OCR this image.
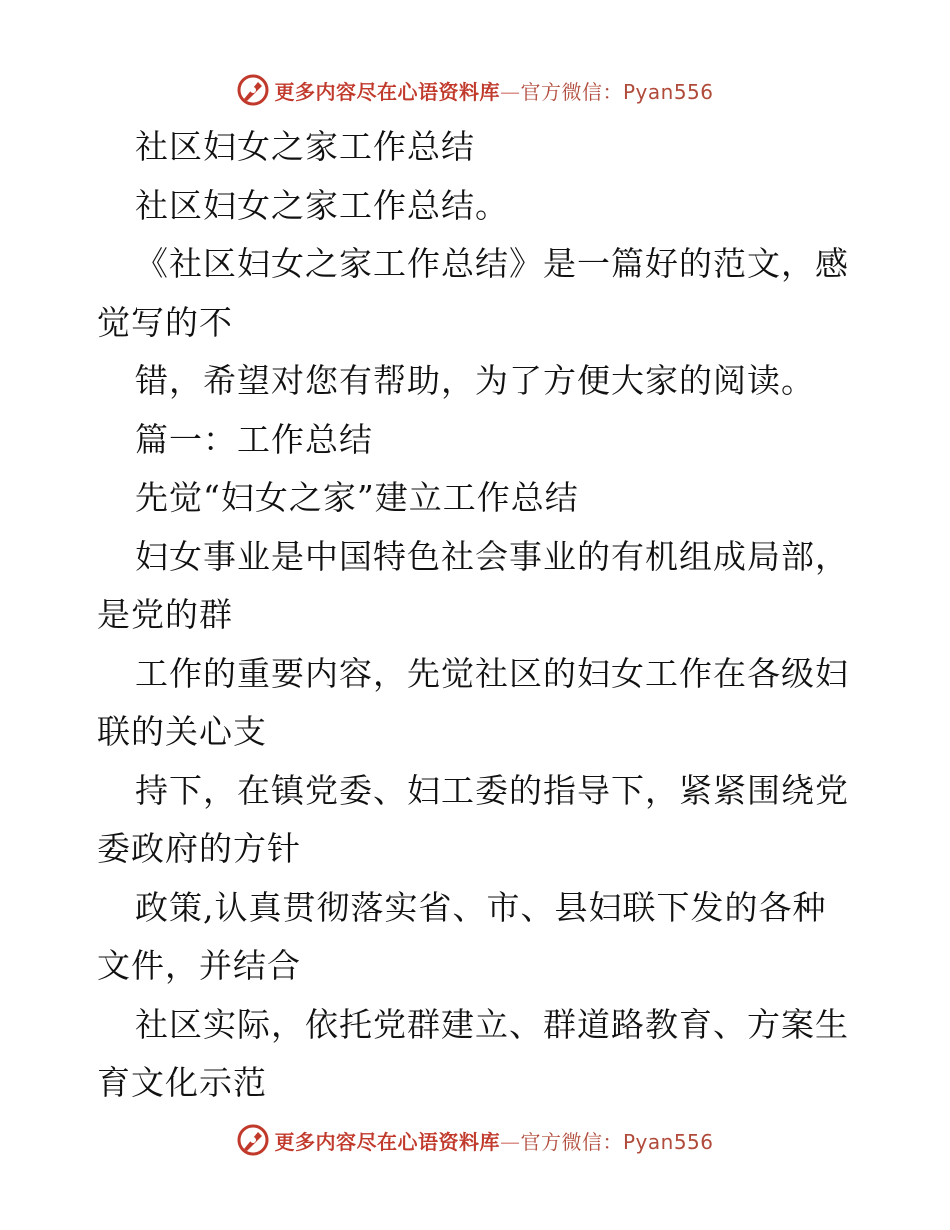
更多内容尽在心语资料库—官方微信：Pyan556
社区妇女之家工作总结
社区妇女之家工作总结。
《社区妇女之家工作总结》是一篇好的范文，感
觉写的不
错，希望对您有帮助，为了方便大家的阅读。
篇一：工作总结
先觉“妇女之家”建立工作总结
妇女事业是中国特色社会事业的有机组成局部，
是党的群
工作的重要内容，先觉社区的妇女工作在各级妇
联的关心支
持下，在镇党委、妇工委的指导下，紧紧围绕党
委政府的方针
政策,认真贯彻落实省、市、县妇联下发的各种
文件，并结合
社区实际，依托党群建立、群道路教育、方案生
育文化示范
更多内容尽在心语资料库—官方微信：Pyan556
